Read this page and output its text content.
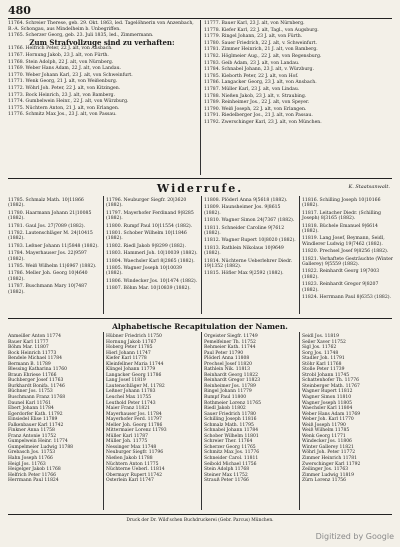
480

11764. Schreier Therese, geb. 29. Okt. 1863, led. Tagelöhnerin von Anzenbach, B.-A. Schongau, aus Mindelheim b. Unbegriffen.

11765. Scherzer Georg, geb. 23. Juli 1835, led., Zimmermann.

Zum Strafvollzuge sind zu verhaften:

11766. Helfrich Peter, 22 J. alt, von Ansbach.

11767. Hornung Jakob, 23 J. alt, von Fürth.

11768. Stein Adolph, 22 J. alt, von Nürnberg.

11769. Weber Hans Adam, 22 J. alt, von Landau.

11770. Weber Johann Karl, 23 J. alt, von Schweinfurt.

11771. Wenk Georg, 21 J. alt, von Weißenburg.

11772. Wöhrl Joh. Peter, 22 J. alt, von Kitzingen.

11773. Bock Heinrich, 23 J. alt, von Bamberg.

11774. Gumbelwein Heinr., 22 J. alt, von Würzburg.

11775. Nüchtern Anton, 21 J. alt, von Erlangen.

11776. Schmitz Max Jos., 23 J. alt, von Passau.

11777. Bauer Karl, 23 J. alt, von Nürnberg.

11778. Kiefer Karl, 22 J. alt, Tagl., von Augsburg.

11779. Ringel Johann, 23 J. alt, von Fürth.

11780. Sauer Friedrich, 22 J. alt, v. Schweinfurt.

11781. Zimmer Heinrich, 21 J. alt, von Bamberg.

11782. Höglmeier Aug., 22 J. alt, von Regensburg.

11783. Geib Adam, 23 J. alt, von Landau.

11784. Schnabel Johann, 23 J. alt, v. Würzburg.

11785. Kieborth Peter, 22 J. alt, von Hof.

11786. Langacker Georg, 23 J. alt, von Ansbach.

11787. Müller Karl, 23 J. alt, von Lindau.

11788. Nießen Jakob, 23 J. alt, v. Straubing.

11789. Reinheimer Jos., 22 J. alt, von Speyer.

11790. Weiß Joseph, 22 J. alt, von Erlangen.

11791. Riedelberger Jos., 21 J. alt, von Passau.

11792. Zwerschinger Karl, 23 J. alt, von München.

Widerrufe.	K. Staatsanwalt.
11785. Schmalz Math. 10|11866 (1882).
11780. Haarmann Johann 21|10085 (1882).
11781. Gaul Jos. 27|7089 (1882).
11782. Lautenschläger M. 24|10415 (1882).
11783. Leßner Johann 11|5848 (1882).
11784. Mayerhauser Jos. 22|9597 (1882).
11785. Weiß Wilhelm 11|6967 (1882).
11786. Meller Joh. Georg 10|4640 (1882).
11787. Buschmann Mary 10|7487 (1882).
11796. Neuburger Siegfr. 20|3620 (1882).
11797. Mayerhofer Ferdinand 9|8285 (1882).
11800. Rumpf Paul 10|11554 (1882).
11801. Schober Wilhelm 10|11846 (1882).
11802. Riedl Jakob 9|8299 (1882).
11803. Hammerl Joh. 10|10039 (1882).
11804. Waechsler Karl 8|2865 (1882).
11805. Wagner Joseph 10|10039 (1882).
11806. Windecker Jos. 10|1474 (1882).
11807. Böhm Mar. 10|10839 (1882).
11808. Plöderl Anna 9|5618 (1882).
11809. Haunsheimer Jos. 9|8615 (1882).
11810. Wagner Simon 24|7367 (1882).
11811. Schneider Caroline 9|7612 (1882).
11812. Wagner Rupert 10|8020 (1882).
11813. Rathlein Nikolaus 10|9649 (1882).
11814. Nüchterne Ueberlehrer Diedr. 19|1352 (1882).
11815. Höfler Max 9|2592 (1882).
11816. Schilling Joseph 10|10166 (1882).
11817. Leitacher Diedr. (Schilling Joseph) 8|3165 (1882).
11818. Büchele Emanuel 9|6614 (1882).
11819. Lang Josef, Beymann, Seidl, Windlerer Ludwig 19|7462 (1882).
11820. Prechsel Josef 9|8256 (1882).
11821. Verhaftete Gesträuchte (Winter Gallerey) 9|5559 (1882).
11822. Reinhardt Georg 19|7003 (1882).
11823. Reinhardt Gregor 9|8207 (1882).
11824. Herrmann Paul 8|6353 (1882).
Alphabetische Recapitulation der Namen.
Anmeiller Anton 11774
Bauer Karl 11777
Böhm Mar. 11807
Bock Heinrich 11773
Bendele Michael 11784
Bermann B. 11789
Blessing Katharina 11760
Braun Ehriese 11766
Buchberger Josef 11763
Burkhardt Bonifa. 11746
Büchner Jos. 11753
Buschmann Franz 11768
Daunel Karl 11761
Ebert Johann 11784
Egerdorfer Kath. 11792
Einsiedel Elise 11789
Falkenbauer Karl 11742
Finkner Anna 11758
Franz Antonie 11752
Gumpelwein Heinr. 11774
Gumpelmeier Ludwig 11788
Grebasch Jos. 11753
Hahn Joseph 11766
Heigl Jos. 11763
Heigelger Jakob 11768
Helfrich Peter 11766
Herrmann Paul 11824
Hübner Friedrich 11750
Hornung Jakob 11767
Hoberg Peter 11785
Hierl Johann 11747
Kiefer Karl 11778
Kleinfellner Maria 11744
Klingel Johann 11779
Langacker Georg 11786
Lang Josef 11819
Lautenschläger M. 11782
Leßner Johann 11783
Leuchel Max 11755
Leuthold Peter 11743
Maier Franz 11821
Mayerhauser Jos. 11784
Mayerhofer Ferd. 11797
Meller Joh. Georg 11786
Mittermaier Lorenz 11793
Müller Karl 11787
Müller Joh. 11775
Nessinger Max 11748
Neuburger Siegfr. 11796
Nießen Jakob 11788
Nüchtern Anton 11775
Nüchterne Ueberl. 11814
Obermayr Rupert 11742
Osterlein Karl 11747
Orgeister Siegfr. 11749
Pemelfeiner Th. 11752
Rehmeier Kath. 11744
Paul Peter 11790
Plöderl Anna 11808
Prechsel Josef 11820
Rathlein Nik. 11813
Reinhardt Georg 11822
Reinhardt Gregor 11823
Reinheimer Jos. 11789
Ringel Johann 11779
Rumpf Paul 11800
Rothmeier Lorenz 11765
Riedl Jakob 11802
Sauer Friedrich 11780
Schilling Joseph 11816
Schmalz Math. 11795
Schnabel Johann 11784
Schober Wilhelm 11801
Schreier Ther. 11764
Scherzer Georg 11765
Schmitz Max Jos. 11776
Schneider Carol. 11811
Seibold Michael 11756
Stein Adolph 11768
Steiner Max 11752
Strauß Peter 11766
Seidl Jos. 11819
Seiler Xaver 11752
Sigl Jos. 11762
Sorg Jos. 11748
Stadler Joh. 11791
Stöhr Karl 11768
Stolle Peter 11739
Strobl Johann 11745
Schattenhofer Th. 11776
Steinberger Math. 11767
Wagner Rupert 11812
Wagner Simon 11810
Wagner Joseph 11805
Waechsler Karl 11804
Weber Hans Adam 11769
Weber Joh. Karl 11770
Weiß Joseph 11790
Weiß Wilhelm 11785
Wenk Georg 11771
Windecker Jos. 11806
Winter Gallerey 11821
Wöhrl Joh. Peter 11772
Zimmer Heinrich 11781
Zwerschinger Karl 11792
Zeilinger Jos. 11763
Zimmer Ludwig 11819
Zürn Lorenz 11756
Druck der Dr. Wild'schen Buchdruckerei (Gebr. Parcus) München.
Digitized by Google
